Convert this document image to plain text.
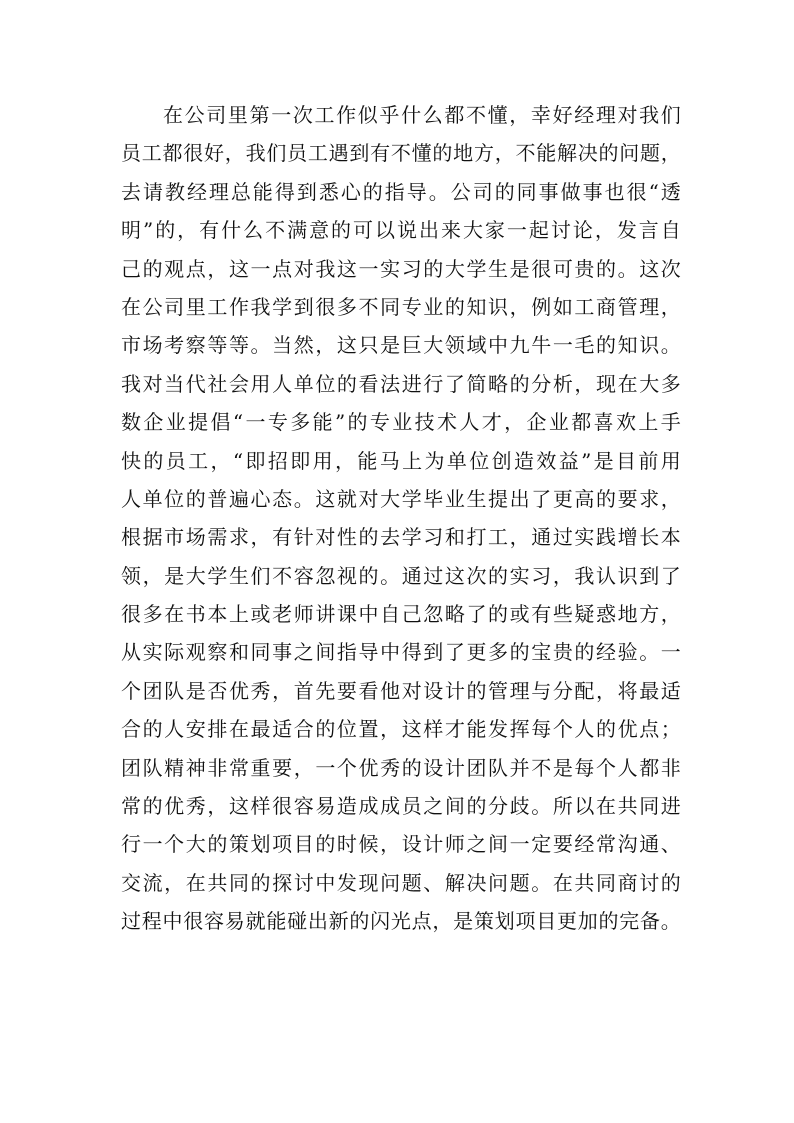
在公司里第一次工作似乎什么都不懂，幸好经理对我们
员工都很好，我们员工遇到有不懂的地方，不能解决的问题，
去请教经理总能得到悉心的指导。公司的同事做事也很“透
明”的，有什么不满意的可以说出来大家一起讨论，发言自
己的观点，这一点对我这一实习的大学生是很可贵的。这次
在公司里工作我学到很多不同专业的知识，例如工商管理，
市场考察等等。当然，这只是巨大领域中九牛一毛的知识。
我对当代社会用人单位的看法进行了简略的分析，现在大多
数企业提倡“一专多能”的专业技术人才，企业都喜欢上手
快的员工，“即招即用，能马上为单位创造效益”是目前用
人单位的普遍心态。这就对大学毕业生提出了更高的要求，
根据市场需求，有针对性的去学习和打工，通过实践增长本
领，是大学生们不容忽视的。通过这次的实习，我认识到了
很多在书本上或老师讲课中自己忽略了的或有些疑惑地方，
从实际观察和同事之间指导中得到了更多的宝贵的经验。一
个团队是否优秀，首先要看他对设计的管理与分配，将最适
合的人安排在最适合的位置，这样才能发挥每个人的优点；
团队精神非常重要，一个优秀的设计团队并不是每个人都非
常的优秀，这样很容易造成成员之间的分歧。所以在共同进
行一个大的策划项目的时候，设计师之间一定要经常沟通、
交流，在共同的探讨中发现问题、解决问题。在共同商讨的
过程中很容易就能碰出新的闪光点，是策划项目更加的完备。
